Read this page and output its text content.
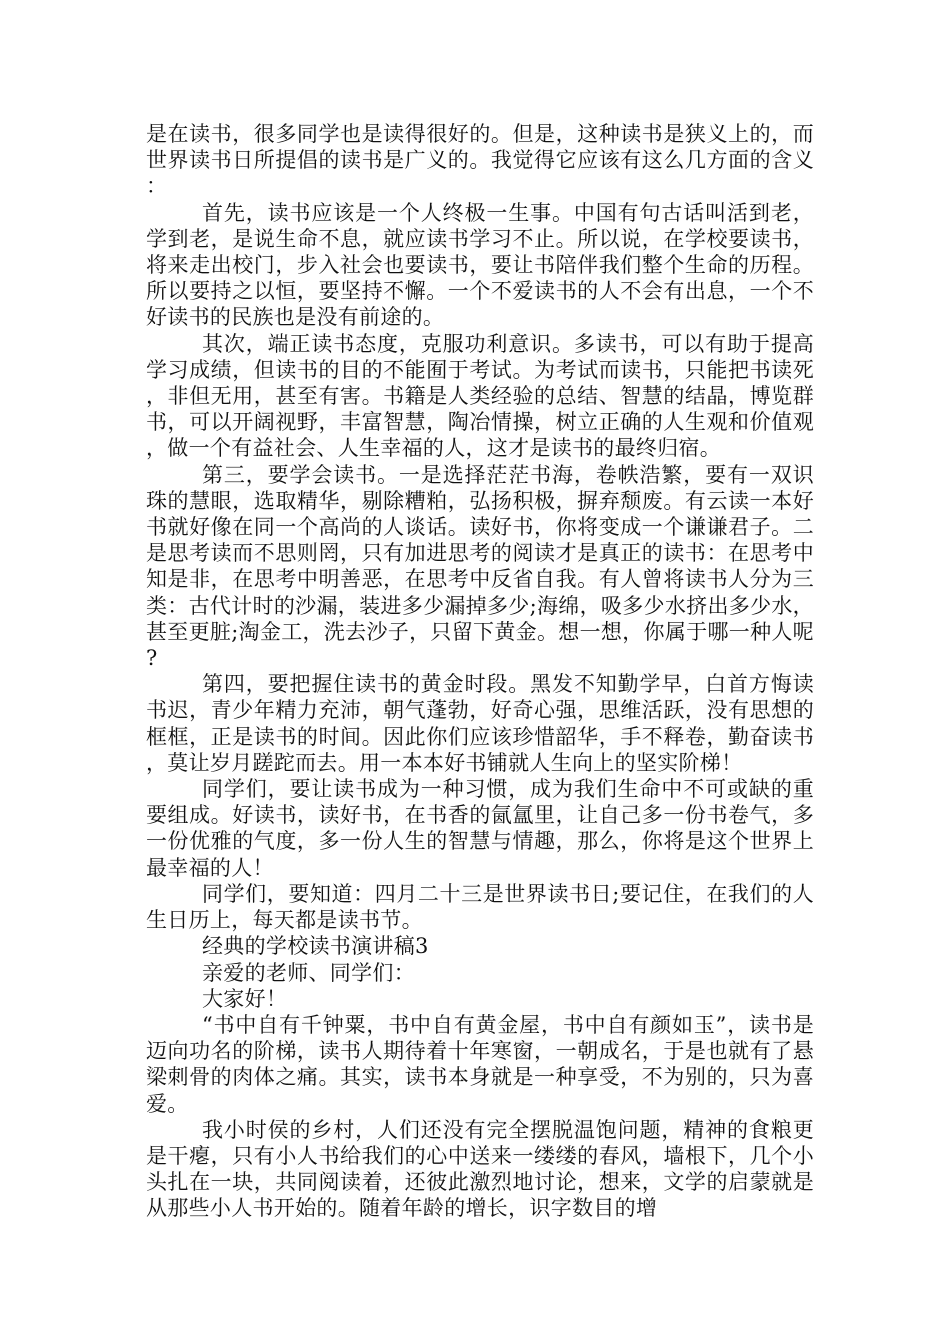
是在读书，很多同学也是读得很好的。但是，这种读书是狭义上的，而世界读书日所提倡的读书是广义的。我觉得它应该有这么几方面的含义：

首先，读书应该是一个人终极一生事。中国有句古话叫活到老，学到老，是说生命不息，就应读书学习不止。所以说，在学校要读书，将来走出校门，步入社会也要读书，要让书陪伴我们整个生命的历程。所以要持之以恒，要坚持不懈。一个不爱读书的人不会有出息，一个不好读书的民族也是没有前途的。

其次，端正读书态度，克服功利意识。多读书，可以有助于提高学习成绩，但读书的目的不能囿于考试。为考试而读书，只能把书读死，非但无用，甚至有害。书籍是人类经验的总结、智慧的结晶，博览群书，可以开阔视野，丰富智慧，陶冶情操，树立正确的人生观和价值观，做一个有益社会、人生幸福的人，这才是读书的最终归宿。

第三，要学会读书。一是选择茫茫书海，卷帙浩繁，要有一双识珠的慧眼，选取精华，剔除糟粕，弘扬积极，摒弃颓废。有云读一本好书就好像在同一个高尚的人谈话。读好书，你将变成一个谦谦君子。二是思考读而不思则罔，只有加进思考的阅读才是真正的读书：在思考中知是非，在思考中明善恶，在思考中反省自我。有人曾将读书人分为三类：古代计时的沙漏，装进多少漏掉多少;海绵，吸多少水挤出多少水，甚至更脏;淘金工，洗去沙子，只留下黄金。想一想，你属于哪一种人呢?

第四，要把握住读书的黄金时段。黑发不知勤学早，白首方悔读书迟，青少年精力充沛，朝气蓬勃，好奇心强，思维活跃，没有思想的框框，正是读书的时间。因此你们应该珍惜韶华，手不释卷，勤奋读书，莫让岁月蹉跎而去。用一本本好书铺就人生向上的坚实阶梯！

同学们，要让读书成为一种习惯，成为我们生命中不可或缺的重要组成。好读书，读好书，在书香的氤氲里，让自己多一份书卷气，多一份优雅的气度，多一份人生的智慧与情趣，那么，你将是这个世界上最幸福的人！

同学们，要知道：四月二十三是世界读书日;要记住，在我们的人生日历上，每天都是读书节。

经典的学校读书演讲稿3

亲爱的老师、同学们：

大家好！

“书中自有千钟粟，书中自有黄金屋，书中自有颜如玉”，读书是迈向功名的阶梯，读书人期待着十年寒窗，一朝成名，于是也就有了悬梁刺骨的肉体之痛。其实，读书本身就是一种享受，不为别的，只为喜爱。

我小时侯的乡村，人们还没有完全摆脱温饱问题，精神的食粮更是干瘪，只有小人书给我们的心中送来一缕缕的春风，墙根下，几个小头扎在一块，共同阅读着，还彼此激烈地讨论，想来，文学的启蒙就是从那些小人书开始的。随着年龄的增长，识字数目的增
